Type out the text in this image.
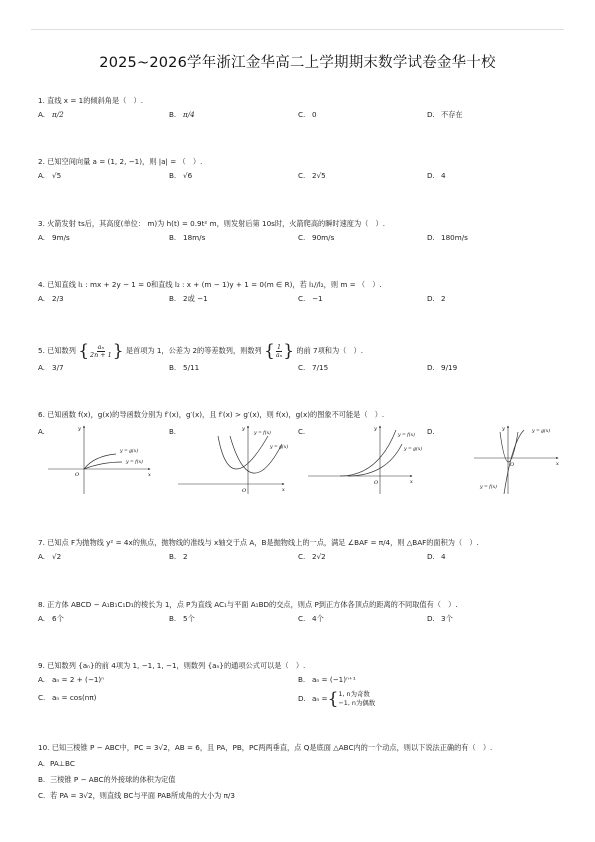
2025~2026学年浙江金华高二上学期期末数学试卷金华十校
1. 直线 x = 1的倾斜角是（　）.
A. π/2	B. π/4	C. 0	D. 不存在
2. 已知空间向量 a = (1, 2, −1)，则 |a| = （　）.
A. √5	B. √6	C. 2√5	D. 4
3. 火箭发射 ts后，其高度(单位： m)为 h(t) = 0.9t² m，则发射后第 10s时，火箭爬高的瞬时速度为（　）.
A. 9m/s	B. 18m/s	C. 90m/s	D. 180m/s
4. 已知直线 l₁ : mx + 2y − 1 = 0和直线 l₂ : x + (m − 1)y + 1 = 0(m ∈ R)，若 l₁//l₂，则 m = （　）.
A. 2/3	B. 2或 −1	C. −1	D. 2
5. 已知数列 { $\frac{\text{aₙ}}{2n + 1}$ } 是首项为 1，公差为 2的等差数列，则数列 { $\frac{1}{\text{aₙ}}$ } 的前 7项和为（　）.
A. 3/7	B. 5/11	C. 7/15	D. 9/19
6. 已知函数 f(x)，g(x)的导函数分别为 f′(x)，g′(x)，且 f′(x) > g′(x)，则 f(x)，g(x)的图象不可能是（　）.
A.
y = g(x)
y = f(x)
O	x
y	B.	y = f(x)
y = g(x)
O	x
y	C.	y = f(x)
y = g(x)
O	x
y	D.	y = g(x)
y = f(x)
O	x
y
7. 已知点 F为抛物线 y² = 4x的焦点，抛物线的准线与 x轴交于点 A，B是抛物线上的一点，满足 ∠BAF = π/4，则 △BAF的面积为（　）.
A. √2	B. 2	C. 2√2	D. 4
8. 正方体 ABCD − A₁B₁C₁D₁的棱长为 1，点 P为直线 AC₁与平面 A₁BD的交点，则点 P到正方体各顶点的距离的不同取值有（　）.
A. 6个	B. 5个	C. 4个	D. 3个
9. 已知数列 {aₙ}的前 4项为 1, −1, 1, −1，则数列 {aₙ}的通项公式可以是（　）.
A. aₙ = 2 + (−1)ⁿ	B. aₙ = (−1)ⁿ⁺¹
C. aₙ = cos(nπ)	D. aₙ ={1, n为奇数
−1, n为偶数
10. 已知三棱锥 P − ABC中，PC = 3√2，AB = 6，且 PA，PB，PC两两垂直，点 Q是底面 △ABC内的一个动点，则以下说法正确的有（　）.
A. PA⊥BC
B. 三棱锥 P − ABC的外接球的体积为定值
C. 若 PA = 3√2，则直线 BC与平面 PAB所成角的大小为 π/3
